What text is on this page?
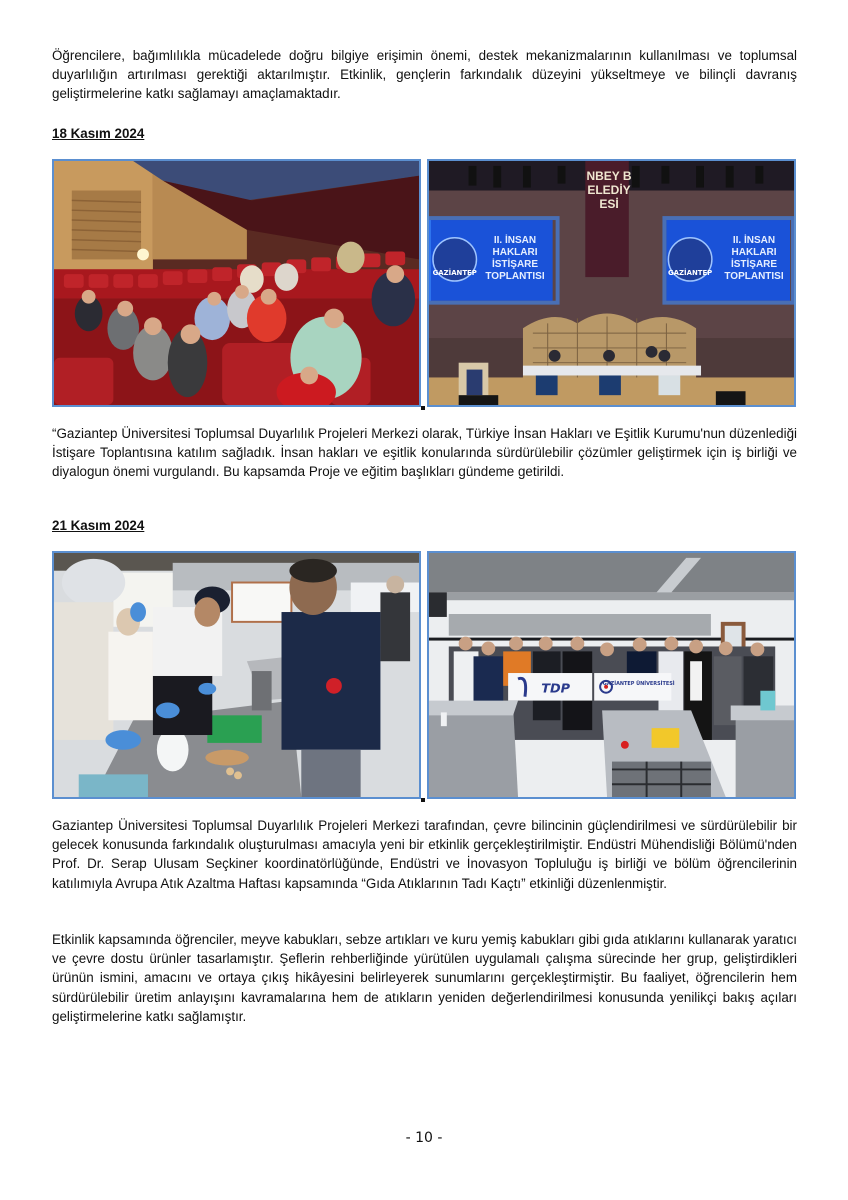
Öğrencilere, bağımlılıkla mücadelede doğru bilgiye erişimin önemi, destek mekanizmalarının kullanılması ve toplumsal duyarlılığın artırılması gerektiği aktarılmıştır. Etkinlik, gençlerin farkındalık düzeyini yükseltmeye ve bilinçli davranış geliştirmelerine katkı sağlamayı amaçlamaktadır.

18 Kasım 2024

GAZİANTEP	GAZİANTEP
NBEY BELEDİYESİ
II. İNSAN HAKLARI İSTİŞARE TOPLANTISI
II. İNSAN HAKLARI İSTİŞARE TOPLANTISI

“Gaziantep Üniversitesi Toplumsal Duyarlılık Projeleri Merkezi olarak, Türkiye İnsan Hakları ve Eşitlik Kurumu'nun düzenlediği İstişare Toplantısına katılım sağladık. İnsan hakları ve eşitlik konularında sürdürülebilir çözümler geliştirmek için iş birliği ve diyalogun önemi vurgulandı. Bu kapsamda Proje ve eğitim başlıkları gündeme getirildi.

21 Kasım 2024

TDP	GAZİANTEP ÜNİVERSİTESİ

Gaziantep Üniversitesi Toplumsal Duyarlılık Projeleri Merkezi tarafından, çevre bilincinin güçlendirilmesi ve sürdürülebilir bir gelecek konusunda farkındalık oluşturulması amacıyla yeni bir etkinlik gerçekleştirilmiştir. Endüstri Mühendisliği Bölümü'nden Prof. Dr. Serap Ulusam Seçkiner koordinatörlüğünde, Endüstri ve İnovasyon Topluluğu iş birliği ve bölüm öğrencilerinin katılımıyla Avrupa Atık Azaltma Haftası kapsamında “Gıda Atıklarının Tadı Kaçtı” etkinliği düzenlenmiştir.

Etkinlik kapsamında öğrenciler, meyve kabukları, sebze artıkları ve kuru yemiş kabukları gibi gıda atıklarını kullanarak yaratıcı ve çevre dostu ürünler tasarlamıştır. Şeflerin rehberliğinde yürütülen uygulamalı çalışma sürecinde her grup, geliştirdikleri ürünün ismini, amacını ve ortaya çıkış hikâyesini belirleyerek sunumlarını gerçekleştirmiştir. Bu faaliyet, öğrencilerin hem sürdürülebilir üretim anlayışını kavramalarına hem de atıkların yeniden değerlendirilmesi konusunda yenilikçi bakış açıları geliştirmelerine katkı sağlamıştır.

- 10 -
